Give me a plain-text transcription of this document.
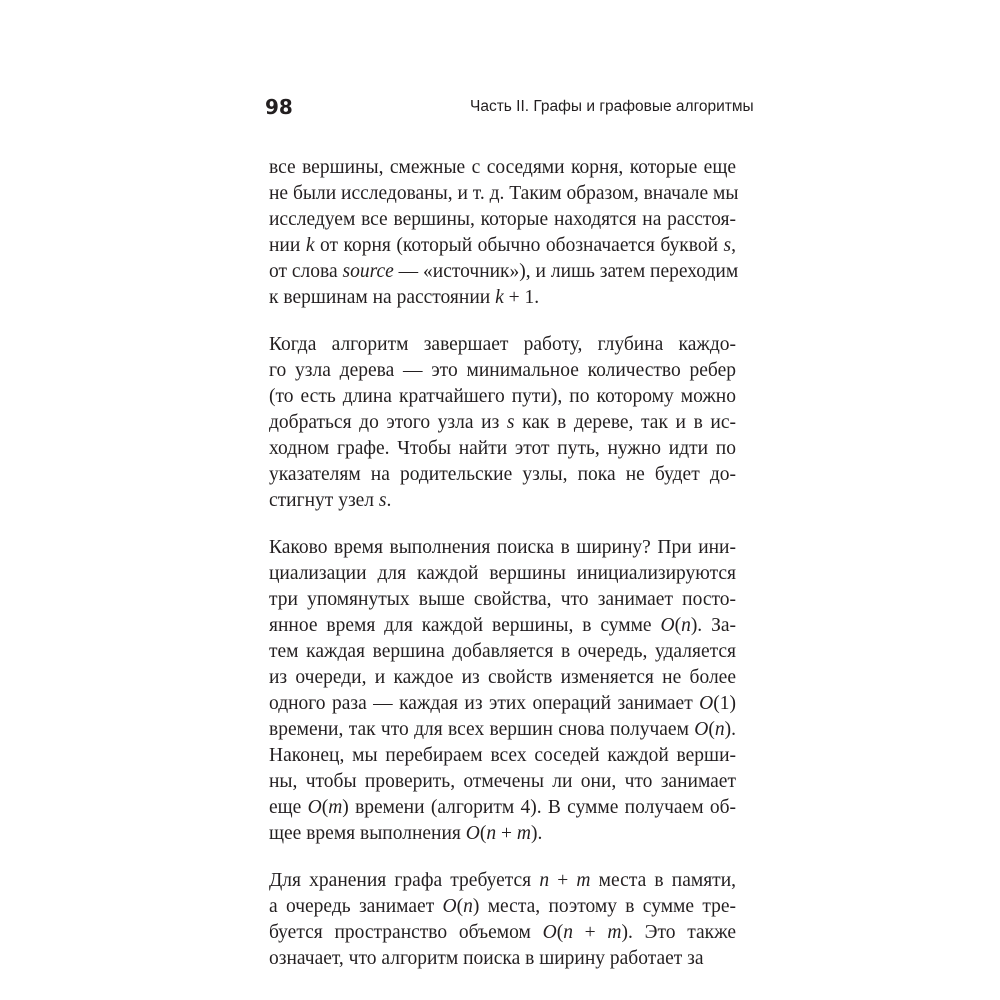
98	Часть II. Графы и графовые алгоритмы

все вершины, смежные с соседями корня, которые еще
не были исследованы, и т. д. Таким образом, вначале мы
исследуем все вершины, которые находятся на расстоя-
нии k от корня (который обычно обозначается буквой s,
от слова source — «источник»), и лишь затем переходим
к вершинам на расстоянии k + 1.

Когда алгоритм завершает работу, глубина каждо-
го узла дерева — это минимальное количество ребер
(то есть длина кратчайшего пути), по которому можно
добраться до этого узла из s как в дереве, так и в ис-
ходном графе. Чтобы найти этот путь, нужно идти по
указателям на родительские узлы, пока не будет до-
стигнут узел s.

Каково время выполнения поиска в ширину? При ини-
циализации для каждой вершины инициализируются
три упомянутых выше свойства, что занимает посто-
янное время для каждой вершины, в сумме O(n). За-
тем каждая вершина добавляется в очередь, удаляется
из очереди, и каждое из свойств изменяется не более
одного раза — каждая из этих операций занимает O(1)
времени, так что для всех вершин снова получаем O(n).
Наконец, мы перебираем всех соседей каждой верши-
ны, чтобы проверить, отмечены ли они, что занимает
еще O(m) времени (алгоритм 4). В сумме получаем об-
щее время выполнения O(n + m).

Для хранения графа требуется n + m места в памяти,
а очередь занимает O(n) места, поэтому в сумме тре-
буется пространство объемом O(n + m). Это также
означает, что алгоритм поиска в ширину работает за
